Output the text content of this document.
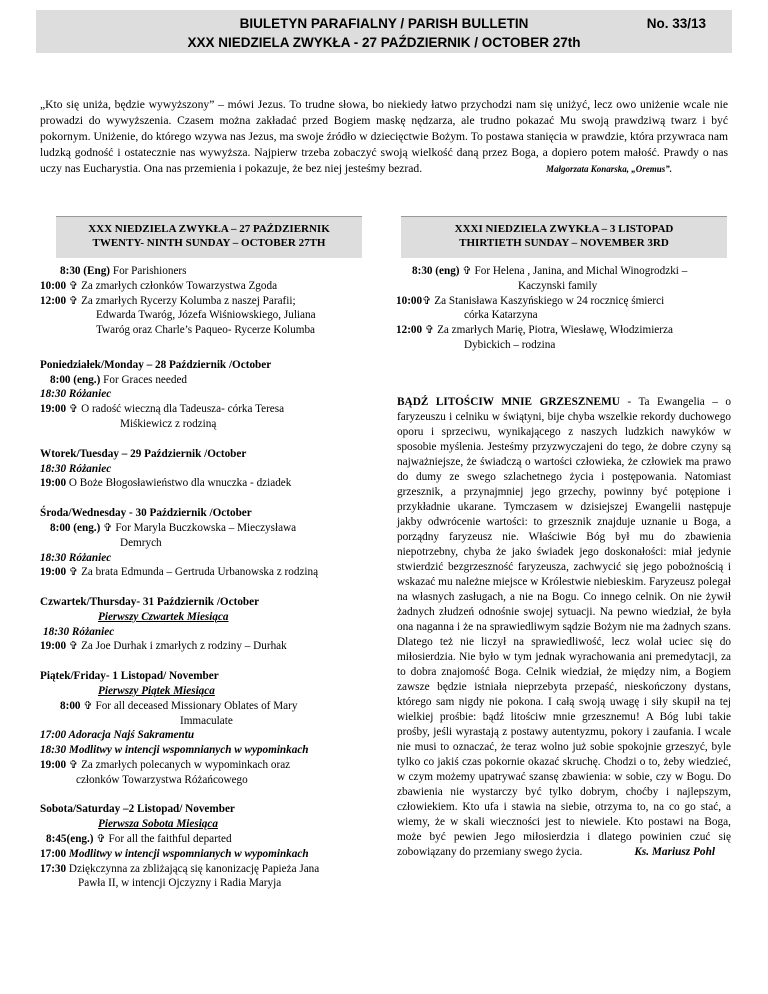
BIULETYN PARAFIALNY / PARISH BULLETIN	No. 33/13
XXX NIEDZIELA ZWYKŁA - 27 PAŹDZIERNIK / OCTOBER 27th
„Kto się uniża, będzie wywyższony” – mówi Jezus. To trudne słowa, bo niekiedy łatwo przychodzi nam się uniżyć, lecz owo uniżenie wcale nie prowadzi do wywyższenia. Czasem można zakładać przed Bogiem maskę nędzarza, ale trudno pokazać Mu swoją prawdziwą twarz i być pokornym. Uniżenie, do którego wzywa nas Jezus, ma swoje źródło w dziecięctwie Bożym. To postawa stanięcia w prawdzie, która przywraca nam ludzką godność i ostatecznie nas wywyższa. Najpierw trzeba zobaczyć swoją wielkość daną przez Boga, a dopiero potem małość. Prawdy o nas uczy nas Eucharystia. Ona nas przemienia i pokazuje, że bez niej jesteśmy bezrad.	Małgorzata Konarska, „Oremus”.
XXX NIEDZIELA ZWYKŁA – 27 PAŹDZIERNIK
TWENTY- NINTH SUNDAY – OCTOBER 27TH
XXXI NIEDZIELA ZWYKŁA – 3 LISTOPAD
THIRTIETH SUNDAY – NOVEMBER 3RD

8:30 (Eng) For Parishioners

10:00 ✞ Za zmarłych członków Towarzystwa Zgoda

12:00 ✞ Za zmarłych Rycerzy Kolumba z naszej Parafii;

Edwarda Twaróg, Józefa Wiśniowskiego, Juliana

Twaróg oraz Charle’s Paqueo- Rycerze Kolumba

Poniedziałek/Monday – 28 Październik /October

8:00 (eng.) For Graces needed

18:30 Różaniec

19:00 ✞ O radość wieczną dla Tadeusza- córka Teresa

Miśkiewicz z rodziną

Wtorek/Tuesday – 29 Październik /October

18:30 Różaniec

19:00 O Boże Błogosławieństwo dla wnuczka - dziadek

Środa/Wednesday - 30 Październik /October

8:00 (eng.) ✞ For Maryla Buczkowska – Mieczysława

Demrych

18:30 Różaniec

19:00 ✞ Za brata Edmunda – Gertruda Urbanowska z rodziną

Czwartek/Thursday- 31 Październik /October

Pierwszy Czwartek Miesiąca

18:30 Różaniec

19:00 ✞ Za Joe Durhak i zmarłych z rodziny – Durhak

Piątek/Friday- 1 Listopad/ November

Pierwszy Piątek Miesiąca

8:00 ✞ For all deceased Missionary Oblates of Mary

Immaculate

17:00 Adoracja Najś Sakramentu

18:30 Modlitwy w intencji wspomnianych w wypominkach

19:00 ✞ Za zmarłych polecanych w wypominkach oraz

członków Towarzystwa Różańcowego

Sobota/Saturday –2 Listopad/ November

Pierwsza Sobota Miesiąca

8:45(eng.) ✞ For all the faithful departed

17:00 Modlitwy w intencji wspomnianych w wypominkach

17:30 Dziękczynna za zbliżającą się kanonizację Papieża Jana

Pawła II, w intencji Ojczyzny i Radia Maryja

8:30 (eng) ✞ For Helena , Janina, and Michal Winogrodzki –

Kaczynski family

10:00✞ Za Stanisława Kaszyńskiego w 24 rocznicę śmierci

córka Katarzyna

12:00 ✞ Za zmarłych Marię, Piotra, Wiesławę, Włodzimierza

Dybickich – rodzina

BĄDŹ LITOŚCIW MNIE GRZESZNEMU - Ta Ewangelia – o faryzeuszu i celniku w świątyni, bije chyba wszelkie rekordy duchowego oporu i sprzeciwu, wynikającego z naszych ludzkich nawyków w sposobie myślenia. Jesteśmy przyzwyczajeni do tego, że dobre czyny są najważniejsze, że świadczą o wartości człowieka, że człowiek ma prawo do dumy ze swego szlachetnego życia i postępowania. Natomiast grzesznik, a przynajmniej jego grzechy, powinny być potępione i przykładnie ukarane. Tymczasem w dzisiejszej Ewangelii następuje jakby odwrócenie wartości: to grzesznik znajduje uznanie u Boga, a porządny faryzeusz nie. Właściwie Bóg był mu do zbawienia niepotrzebny, chyba że jako świadek jego doskonałości: miał jedynie stwierdzić bezgrzeszność faryzeusza, zachwycić się jego pobożnością i wskazać mu należne miejsce w Królestwie niebieskim. Faryzeusz polegał na własnych zasługach, a nie na Bogu. Co innego celnik. On nie żywił żadnych złudzeń odnośnie swojej sytuacji. Na pewno wiedział, że była ona naganna i że na sprawiedliwym sądzie Bożym nie ma żadnych szans. Dlatego też nie liczył na sprawiedliwość, lecz wolał uciec się do miłosierdzia. Nie było w tym jednak wyrachowania ani premedytacji, za to dobra znajomość Boga. Celnik wiedział, że między nim, a Bogiem zawsze będzie istniała nieprzebyta przepaść, nieskończony dystans, którego sam nigdy nie pokona. I całą swoją uwagę i siły skupił na tej wielkiej prośbie: bądź litościw mnie grzesznemu! A Bóg lubi takie prośby, jeśli wyrastają z postawy autentyzmu, pokory i zaufania. I wcale nie musi to oznaczać, że teraz wolno już sobie spokojnie grzeszyć, byle tylko co jakiś czas pokornie okazać skruchę. Chodzi o to, żeby wiedzieć, w czym możemy upatrywać szansę zbawienia: w sobie, czy w Bogu. Do zbawienia nie wystarczy być tylko dobrym, choćby i najlepszym, człowiekiem. Kto ufa i stawia na siebie, otrzyma to, na co go stać, a wiemy, że w skali wieczności jest to niewiele. Kto postawi na Boga, może być pewien Jego miłosierdzia i dlatego powinien czuć się zobowiązany do przemiany swego życia.	Ks. Mariusz Pohl
